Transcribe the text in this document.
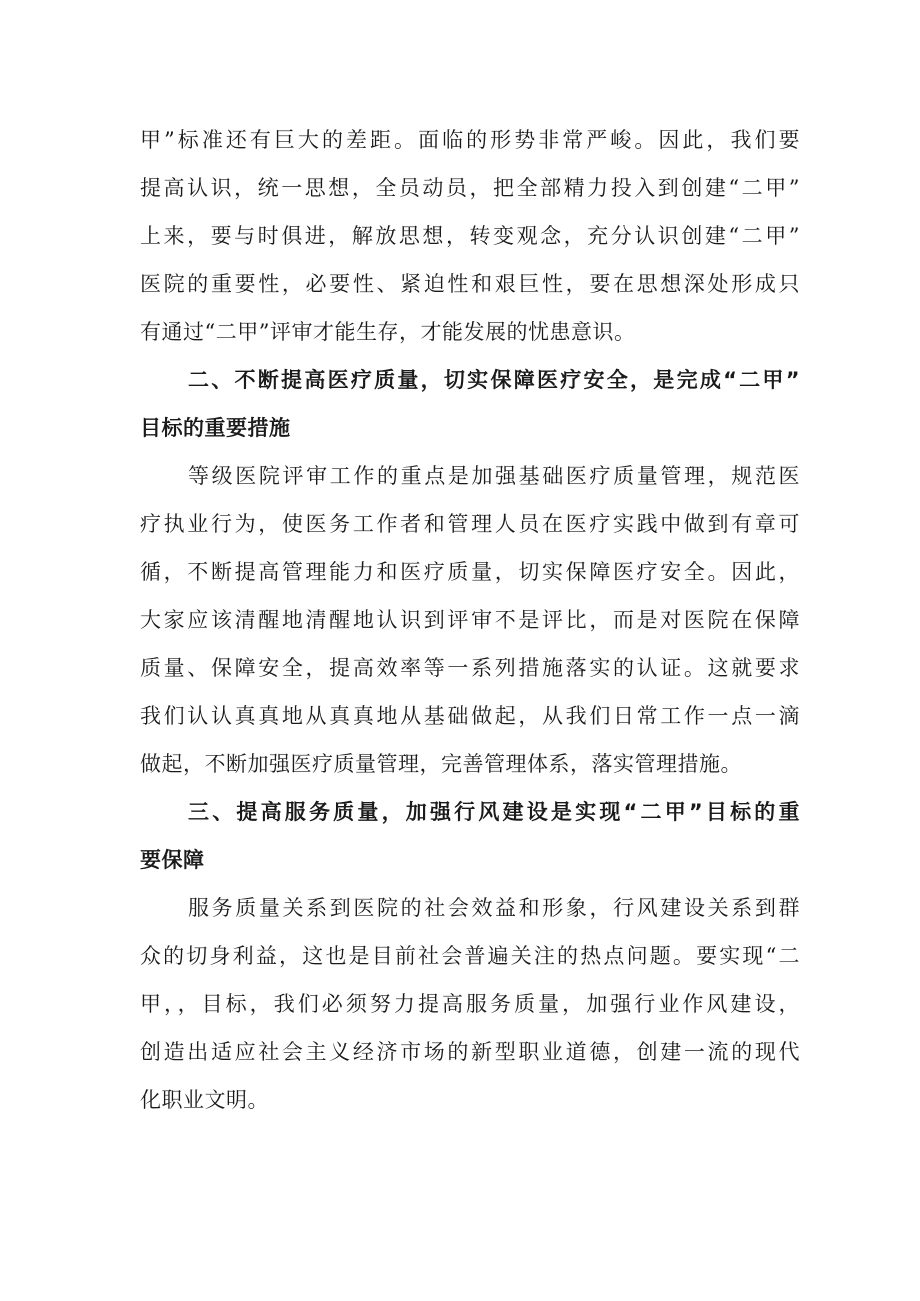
甲”标准还有巨大的差距。面临的形势非常严峻。因此，我们要
提高认识，统一思想，全员动员，把全部精力投入到创建“二甲”
上来，要与时俱进，解放思想，转变观念，充分认识创建“二甲”
医院的重要性，必要性、紧迫性和艰巨性，要在思想深处形成只
有通过“二甲”评审才能生存，才能发展的忧患意识。
二、不断提高医疗质量，切实保障医疗安全，是完成“二甲”
目标的重要措施
等级医院评审工作的重点是加强基础医疗质量管理，规范医
疗执业行为，使医务工作者和管理人员在医疗实践中做到有章可
循，不断提高管理能力和医疗质量，切实保障医疗安全。因此，
大家应该清醒地清醒地认识到评审不是评比，而是对医院在保障
质量、保障安全，提高效率等一系列措施落实的认证。这就要求
我们认认真真地从真真地从基础做起，从我们日常工作一点一滴
做起，不断加强医疗质量管理，完善管理体系，落实管理措施。
三、提高服务质量，加强行风建设是实现“二甲”目标的重
要保障
服务质量关系到医院的社会效益和形象，行风建设关系到群
众的切身利益，这也是目前社会普遍关注的热点问题。要实现“二
甲，，目标，我们必须努力提高服务质量，加强行业作风建设，
创造出适应社会主义经济市场的新型职业道德，创建一流的现代
化职业文明。
